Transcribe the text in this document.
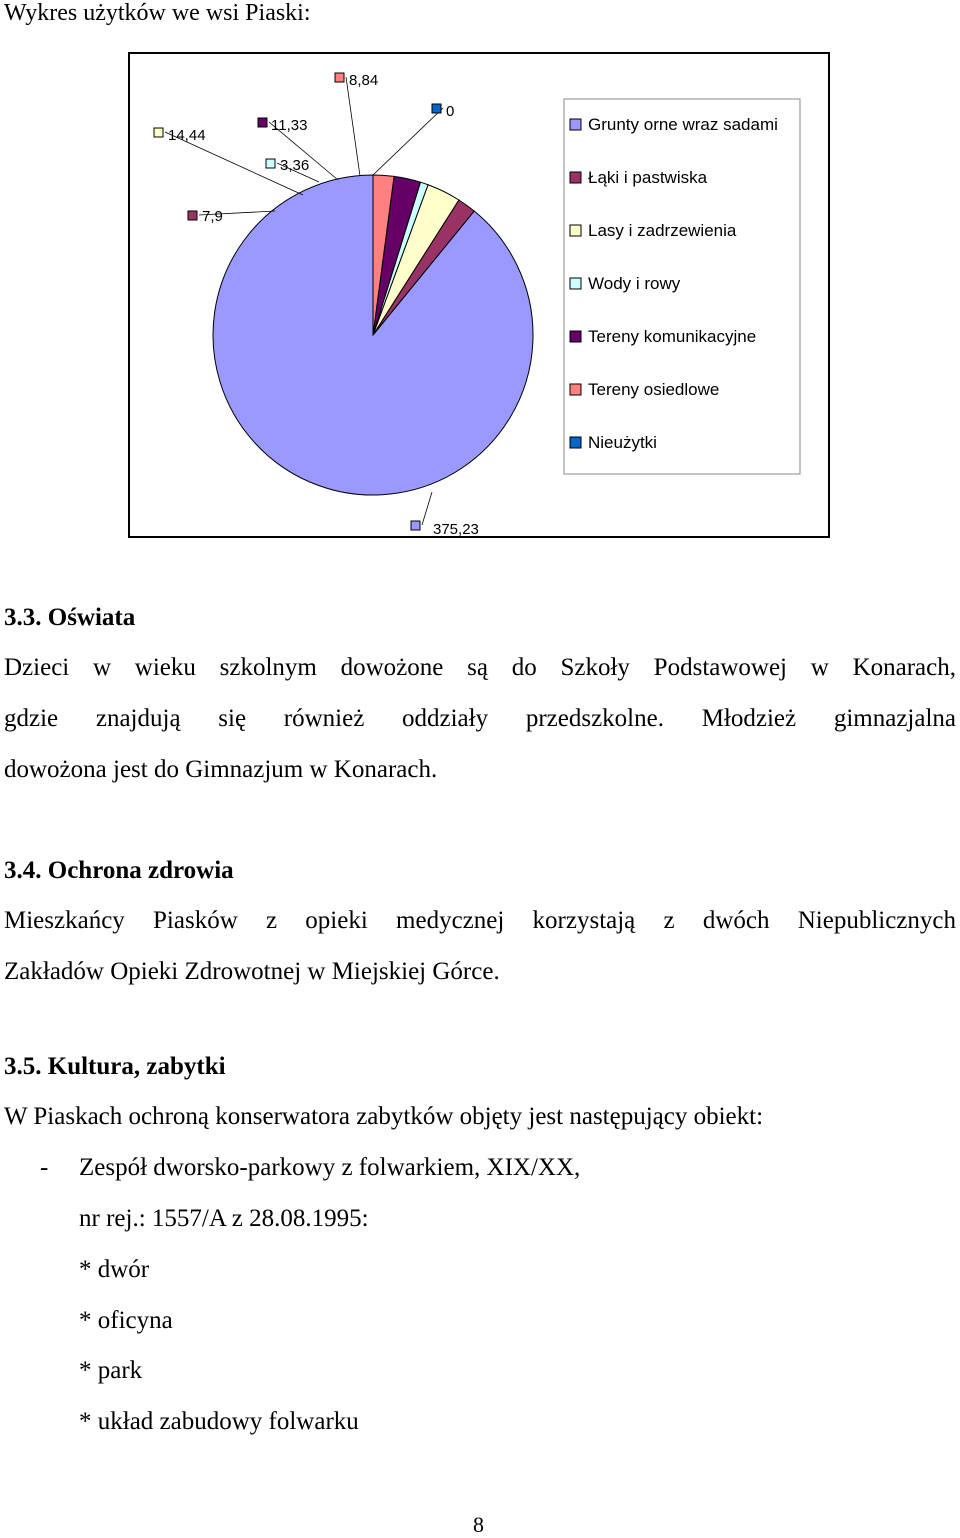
Wykres użytków we wsi Piaski:
375,23
7,9
14,44
3,36
11,33
8,84
0
Grunty orne wraz sadami
Łąki i pastwiska
Lasy i zadrzewienia
Wody i rowy
Tereny komunikacyjne
Tereny osiedlowe
Nieużytki
3.3. Oświata
Dzieci w wieku szkolnym dowożone są do Szkoły Podstawowej w Konarach,
gdzie znajdują się również oddziały przedszkolne. Młodzież gimnazjalna
dowożona jest do Gimnazjum w Konarach.
3.4. Ochrona zdrowia
Mieszkańcy Piasków z opieki medycznej korzystają z dwóch Niepublicznych
Zakładów Opieki Zdrowotnej w Miejskiej Górce.
3.5. Kultura, zabytki
W Piaskach ochroną konserwatora zabytków objęty jest następujący obiekt:
- Zespół dworsko-parkowy z folwarkiem, XIX/XX,
nr rej.: 1557/A z 28.08.1995:
* dwór
* oficyna
* park
* układ zabudowy folwarku
8
